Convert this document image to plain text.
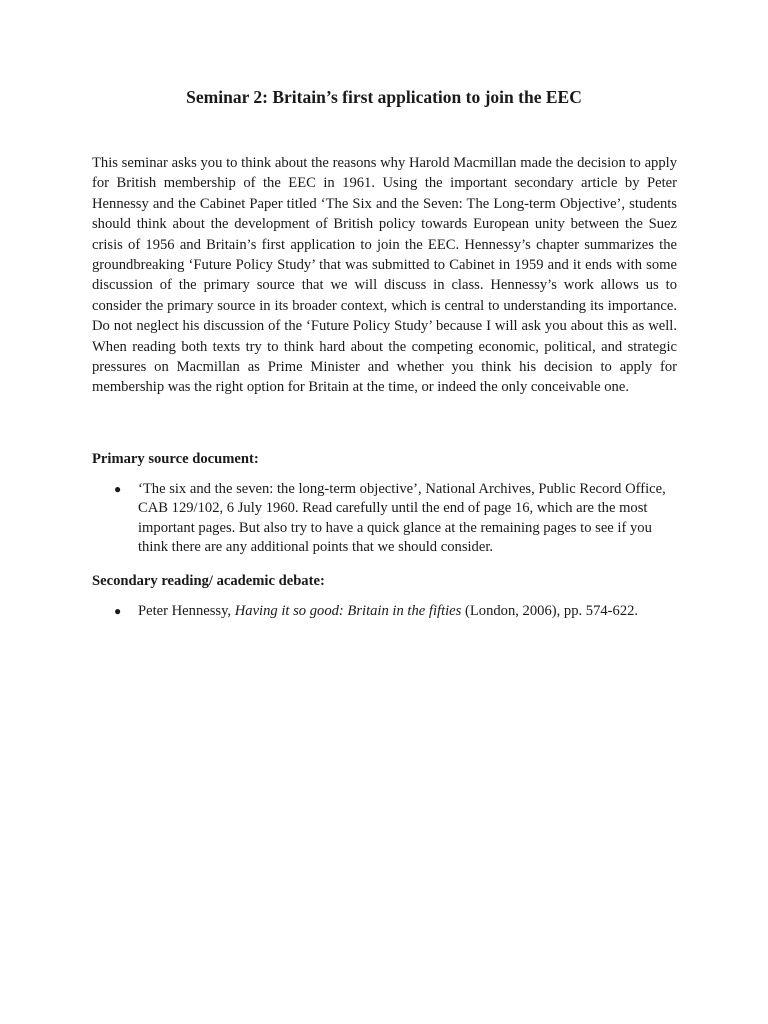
Seminar 2: Britain’s first application to join the EEC

This seminar asks you to think about the reasons why Harold Macmillan made the decision to apply for British membership of the EEC in 1961. Using the important secondary article by Peter Hennessy and the Cabinet Paper titled ‘The Six and the Seven: The Long-term Objective’, students should think about the development of British policy towards European unity between the Suez crisis of 1956 and Britain’s first application to join the EEC. Hennessy’s chapter summarizes the groundbreaking ‘Future Policy Study’ that was submitted to Cabinet in 1959 and it ends with some discussion of the primary source that we will discuss in class. Hennessy’s work allows us to consider the primary source in its broader context, which is central to understanding its importance. Do not neglect his discussion of the ‘Future Policy Study’ because I will ask you about this as well. When reading both texts try to think hard about the competing economic, political, and strategic pressures on Macmillan as Prime Minister and whether you think his decision to apply for membership was the right option for Britain at the time, or indeed the only conceivable one.

Primary source document:
● ‘The six and the seven: the long-term objective’, National Archives, Public Record Office, CAB 129/102, 6 July 1960. Read carefully until the end of page 16, which are the most important pages. But also try to have a quick glance at the remaining pages to see if you think there are any additional points that we should consider.
Secondary reading/ academic debate:
● Peter Hennessy, Having it so good: Britain in the fifties (London, 2006), pp. 574-622.
